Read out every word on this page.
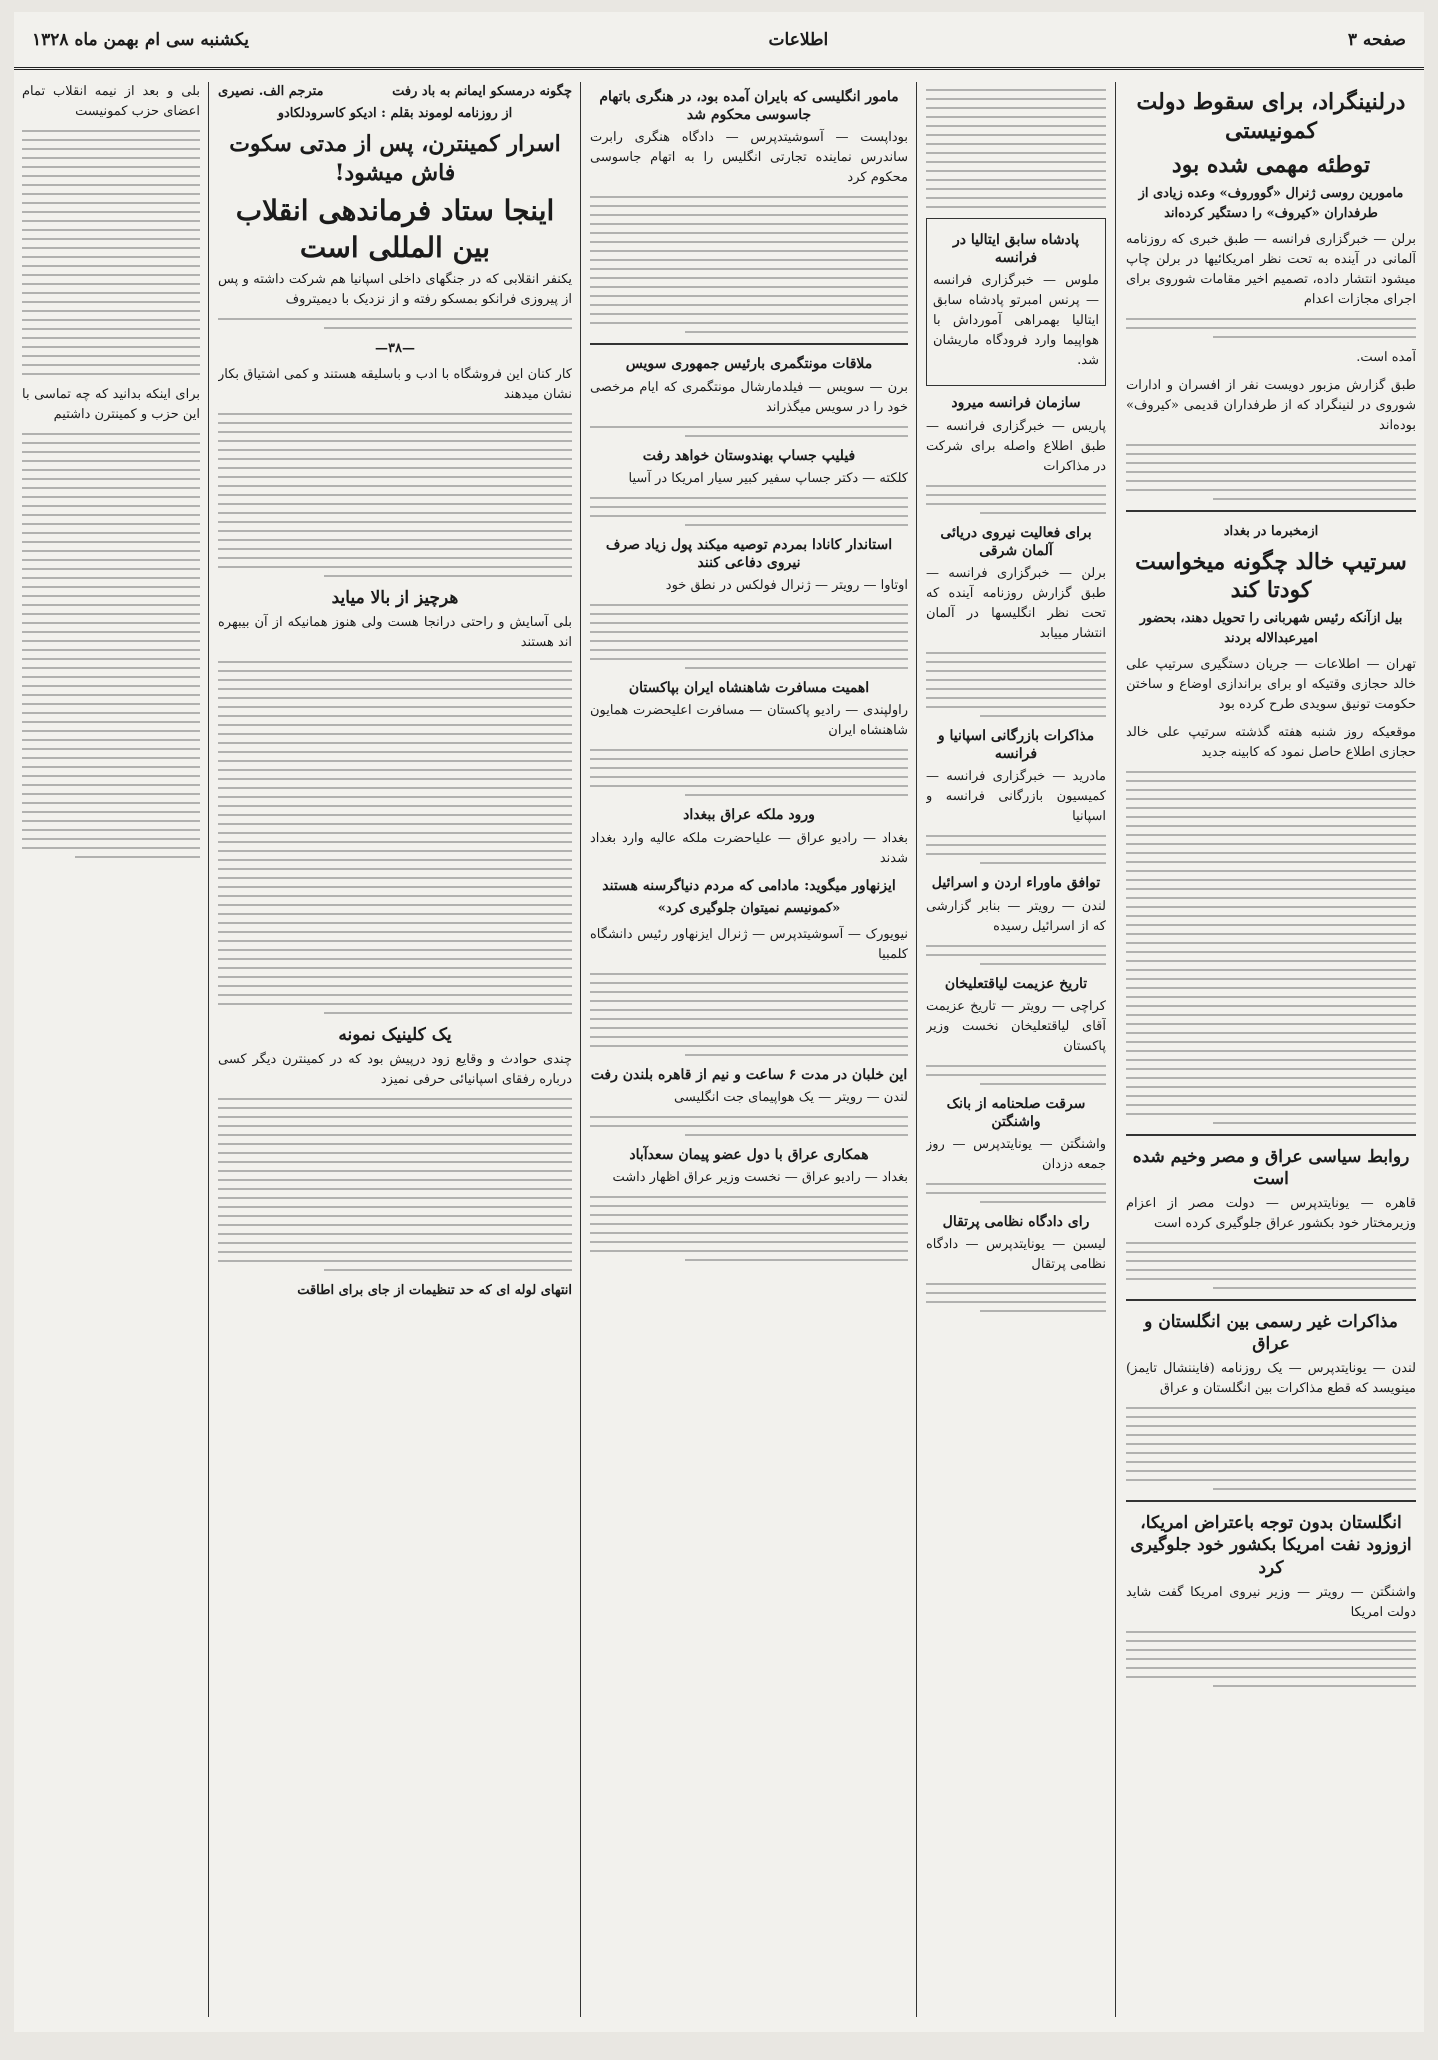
صفحه ۳
اطلاعات
یکشنبه سی ام بهمن ماه ۱۳۲۸
درلنینگراد، برای سقوط دولت کمونیستی
توطئه مهمی شده بود
مامورین روسی ژنرال «گووروف» وعده زیادی از طرفداران «کیروف» را دستگیر کرده‌اند

برلن — خبرگزاری فرانسه — طبق خبری که روزنامه آلمانی در آینده به تحت نظر امریکائیها در برلن چاپ میشود انتشار داده، تصمیم اخیر مقامات شوروی برای اجرای مجازات اعدام

آمده است.

طبق گزارش مزبور دویست نفر از افسران و ادارات شوروی در لنینگراد که از طرفداران قدیمی «کیروف» بوده‌اند

ازمخبرما در بغداد
سرتیپ خالد چگونه میخواست کودتا کند
بیل ازآنکه رئیس شهربانی را تحویل دهند، بحضور امیرعبدالاله بردند

تهران — اطلاعات — جریان دستگیری سرتیپ علی خالد حجازی وقتیکه او برای براندازی اوضاع و ساختن حکومت تونیق سویدی طرح کرده بود

موقعیکه روز شنبه هفته گذشته سرتیپ علی خالد حجازی اطلاع حاصل نمود که کابینه جدید

روابط سیاسی عراق و مصر وخیم شده است

قاهره — یونایتدپرس — دولت مصر از اعزام وزیرمختار خود بکشور عراق جلوگیری کرده است

مذاکرات غیر رسمی بین انگلستان و عراق

لندن — یونایتدپرس — یک روزنامه (فایننشال تایمز) مینویسد که قطع مذاکرات بین انگلستان و عراق

انگلستان بدون توجه باعتراض امریکا، ازوزود نفت امریکا بکشور خود جلوگیری کرد

واشنگتن — رویتر — وزیر نیروی امریکا گفت شاید دولت امریکا

پادشاه سابق ایتالیا در فرانسه

ملوس — خبرگزاری فرانسه — پرنس امبرتو پادشاه سابق ایتالیا بهمراهی آمورداش با هواپیما وارد فرودگاه ماریشان شد.

سازمان فرانسه میرود

پاریس — خبرگزاری فرانسه — طبق اطلاع واصله برای شرکت در مذاکرات

برای فعالیت نیروی دریائی آلمان شرقی

برلن — خبرگزاری فرانسه — طبق گزارش روزنامه آینده که تحت نظر انگلیسها در آلمان انتشار مییابد

مذاکرات بازرگانی اسپانیا و فرانسه

مادرید — خبرگزاری فرانسه — کمیسیون بازرگانی فرانسه و اسپانیا

توافق ماوراء اردن و اسرائیل

لندن — رویتر — بنابر گزارشی که از اسرائیل رسیده

تاریخ عزیمت لیاقتعلیخان

کراچی — رویتر — تاریخ عزیمت آقای لیاقتعلیخان نخست وزیر پاکستان

سرقت صلحنامه از بانک واشنگتن

واشنگتن — یونایتدپرس — روز جمعه دزدان

رای دادگاه نظامی پرتقال

لیسبن — یونایتدپرس — دادگاه نظامی پرتقال

مامور انگلیسی که بایران آمده بود، در هنگری باتهام جاسوسی محکوم شد

بوداپست — آسوشیتدپرس — دادگاه هنگری رابرت ساندرس نماینده تجارتی انگلیس را به اتهام جاسوسی محکوم کرد

ملاقات مونتگمری بارئیس جمهوری سویس

برن — سویس — فیلدمارشال مونتگمری که ایام مرخصی خود را در سویس میگذراند

فیلیپ جساپ بهندوستان خواهد رفت

کلکته — دکتر جساپ سفیر کبیر سیار امریکا در آسیا

استاندار کانادا بمردم توصیه میکند پول زیاد صرف نیروی دفاعی کنند

اوتاوا — رویتر — ژنرال فولکس در نطق خود

اهمیت مسافرت شاهنشاه ایران بپاکستان

راولپندی — رادیو پاکستان — مسافرت اعلیحضرت همایون شاهنشاه ایران

ورود ملکه عراق ببغداد

بغداد — رادیو عراق — علیاحضرت ملکه عالیه وارد بغداد شدند

ایزنهاور میگوید: مادامی که مردم دنیاگرسنه هستند
«کمونیسم نمیتوان جلوگیری کرد»

نیویورک — آسوشیتدپرس — ژنرال ایزنهاور رئیس دانشگاه کلمبیا

این خلبان در مدت ۶ ساعت و نیم از قاهره بلندن رفت

لندن — رویتر — یک هواپیمای جت انگلیسی

همکاری عراق با دول عضو پیمان سعدآباد

بغداد — رادیو عراق — نخست وزیر عراق اظهار داشت

چگونه درمسکو ایمانم به باد رفت
مترجم الف. نصیری
از روزنامه لوموند بقلم : ادیکو کاسرودلکادو
اسرار کمینترن، پس از مدتی سکوت فاش میشود!
اینجا ستاد فرماندهی انقلاب بین المللی است

یکنفر انقلابی که در جنگهای داخلی اسپانیا هم شرکت داشته و پس از پیروزی فرانکو بمسکو رفته و از نزدیک با دیمیتروف

—۳۸—

کار کنان این فروشگاه با ادب و باسلیقه هستند و کمی اشتیاق بکار نشان میدهند

هرچیز از بالا میاید

بلی آسایش و راحتی درانجا هست ولی هنوز همانیکه از آن بیبهره اند هستند

یک کلینیک نمونه

چندی حوادث و وقایع زود درپیش بود که در کمینترن دیگر کسی درباره رفقای اسپانیائی حرفی نمیزد

انتهای لوله ای که حد تنظیمات از جای برای اطاقت

بلی و بعد از نیمه انقلاب تمام اعضای حزب کمونیست

برای اینکه بدانید که چه تماسی با این حزب و کمینترن داشتیم
